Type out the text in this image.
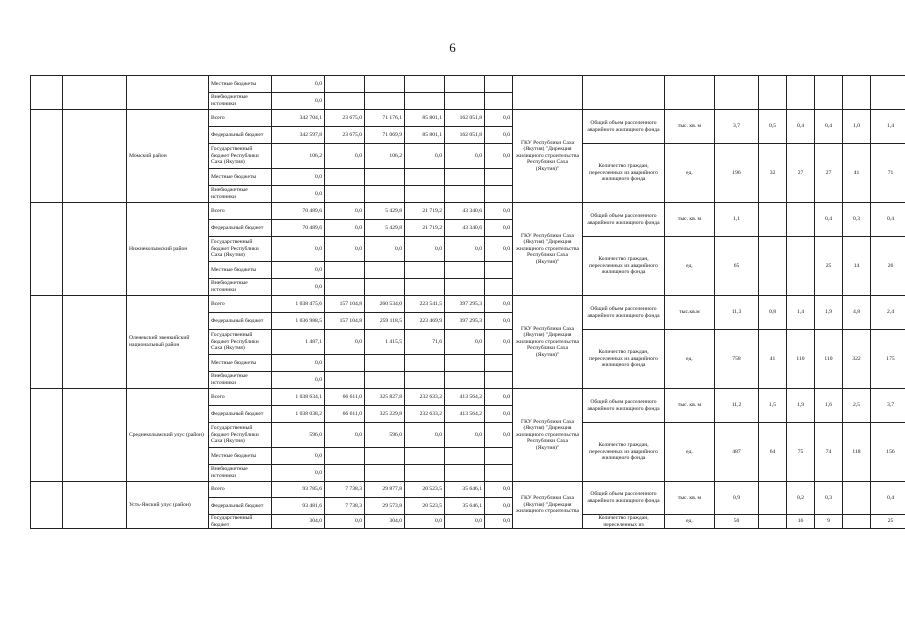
6
			Местные бюджеты	0,0														
			Внебюджетные источники	0,0														
		Момский район	Всего	342 704,1	23 675,0	71 176,1	85 801,1	162 051,8	0,0	ГКУ Республики Саха (Якутия) "Дирекция жилищного строительства Республики Саха (Якутия)"	Общий объем расселенного аварийного жилищного фонда	тыс. кв. м	3,7	0,5	0,4	0,4	1,0	1,4
			Федеральный бюджет	342 597,8	23 675,0	71 069,9	85 801,1	162 051,8	0,0									
			Государственный бюджет Республики Саха (Якутия)	106,2	0,0	106,2	0,0	0,0	0,0		Количество граждан, переселенных из аварийного жилищного фонда	ед.	196	32	27	27	41	71
			Местные бюджеты	0,0														
			Внебюджетные источники	0,0														
		Нижнеколымский район	Всего	70 489,6	0,0	5 429,8	21 719,2	43 340,6	0,0	ГКУ Республики Саха (Якутия) "Дирекция жилищного строительства Республики Саха (Якутия)"	Общий объем расселенного аварийного жилищного фонда	тыс. кв. м	1,1			0,4	0,3	0,4
			Федеральный бюджет	70 489,6	0,0	5 429,8	21 719,2	43 340,6	0,0									
			Государственный бюджет Республики Саха (Якутия)	0,0	0,0	0,0	0,0	0,0	0,0		Количество граждан, переселенных из аварийного жилищного фонда	ед.	65			25	14	26
			Местные бюджеты	0,0														
			Внебюджетные источники	0,0														
		Оленекский эвенкийский национальный район	Всего	1 038 475,6	157 104,8	260 534,0	223 541,5	397 295,3	0,0	ГКУ Республики Саха (Якутия) "Дирекция жилищного строительства Республики Саха (Якутия)"	Общий объем расселенного аварийного жилищного фонда	тыс.кв.м	11,3	0,8	1,4	1,9	4,8	2,4
			Федеральный бюджет	1 036 988,5	157 104,8	259 118,5	223 469,9	397 295,3	0,0									
			Государственный бюджет Республики Саха (Якутия)	1 487,1	0,0	1 415,5	71,6	0,0	0,0		Количество граждан, переселенных из аварийного жилищного фонда	ед.	758	41	110	110	322	175
			Местные бюджеты	0,0														
			Внебюджетные источники	0,0														
		Среднеколымский улус (район)	Всего	1 038 634,1	66 611,0	325 827,8	232 633,2	413 564,2	0,0	ГКУ Республики Саха (Якутия) "Дирекция жилищного строительства Республики Саха (Якутия)"	Общий объем расселенного аварийного жилищного фонда	тыс. кв. м	11,2	1,5	1,9	1,6	2,5	3,7
			Федеральный бюджет	1 038 038,2	66 611,0	325 229,8	232 633,2	413 564,2	0,0									
			Государственный бюджет Республики Саха (Якутия)	596,0	0,0	596,0	0,0	0,0	0,0		Количество граждан, переселенных из аварийного жилищного фонда	ед.	487	64	75	74	118	156
			Местные бюджеты	0,0														
			Внебюджетные источники	0,0														
		Усть-Янский улус (район)	Всего	93 785,6	7 738,3	29 877,8	20 523,5	35 646,1	0,0	ГКУ Республики Саха (Якутия) "Дирекция жилищного строительства	Общий объем расселенного аварийного жилищного фонда	тыс. кв. м	0,9		0,2	0,3		0,4
			Федеральный бюджет	93 481,6	7 738,3	29 573,8	20 523,5	35 646,1	0,0									
			Государственный бюджет	304,0	0,0	304,0	0,0	0,0	0,0		Количество граждан, переселенных из	ед.	50		16	9		25
